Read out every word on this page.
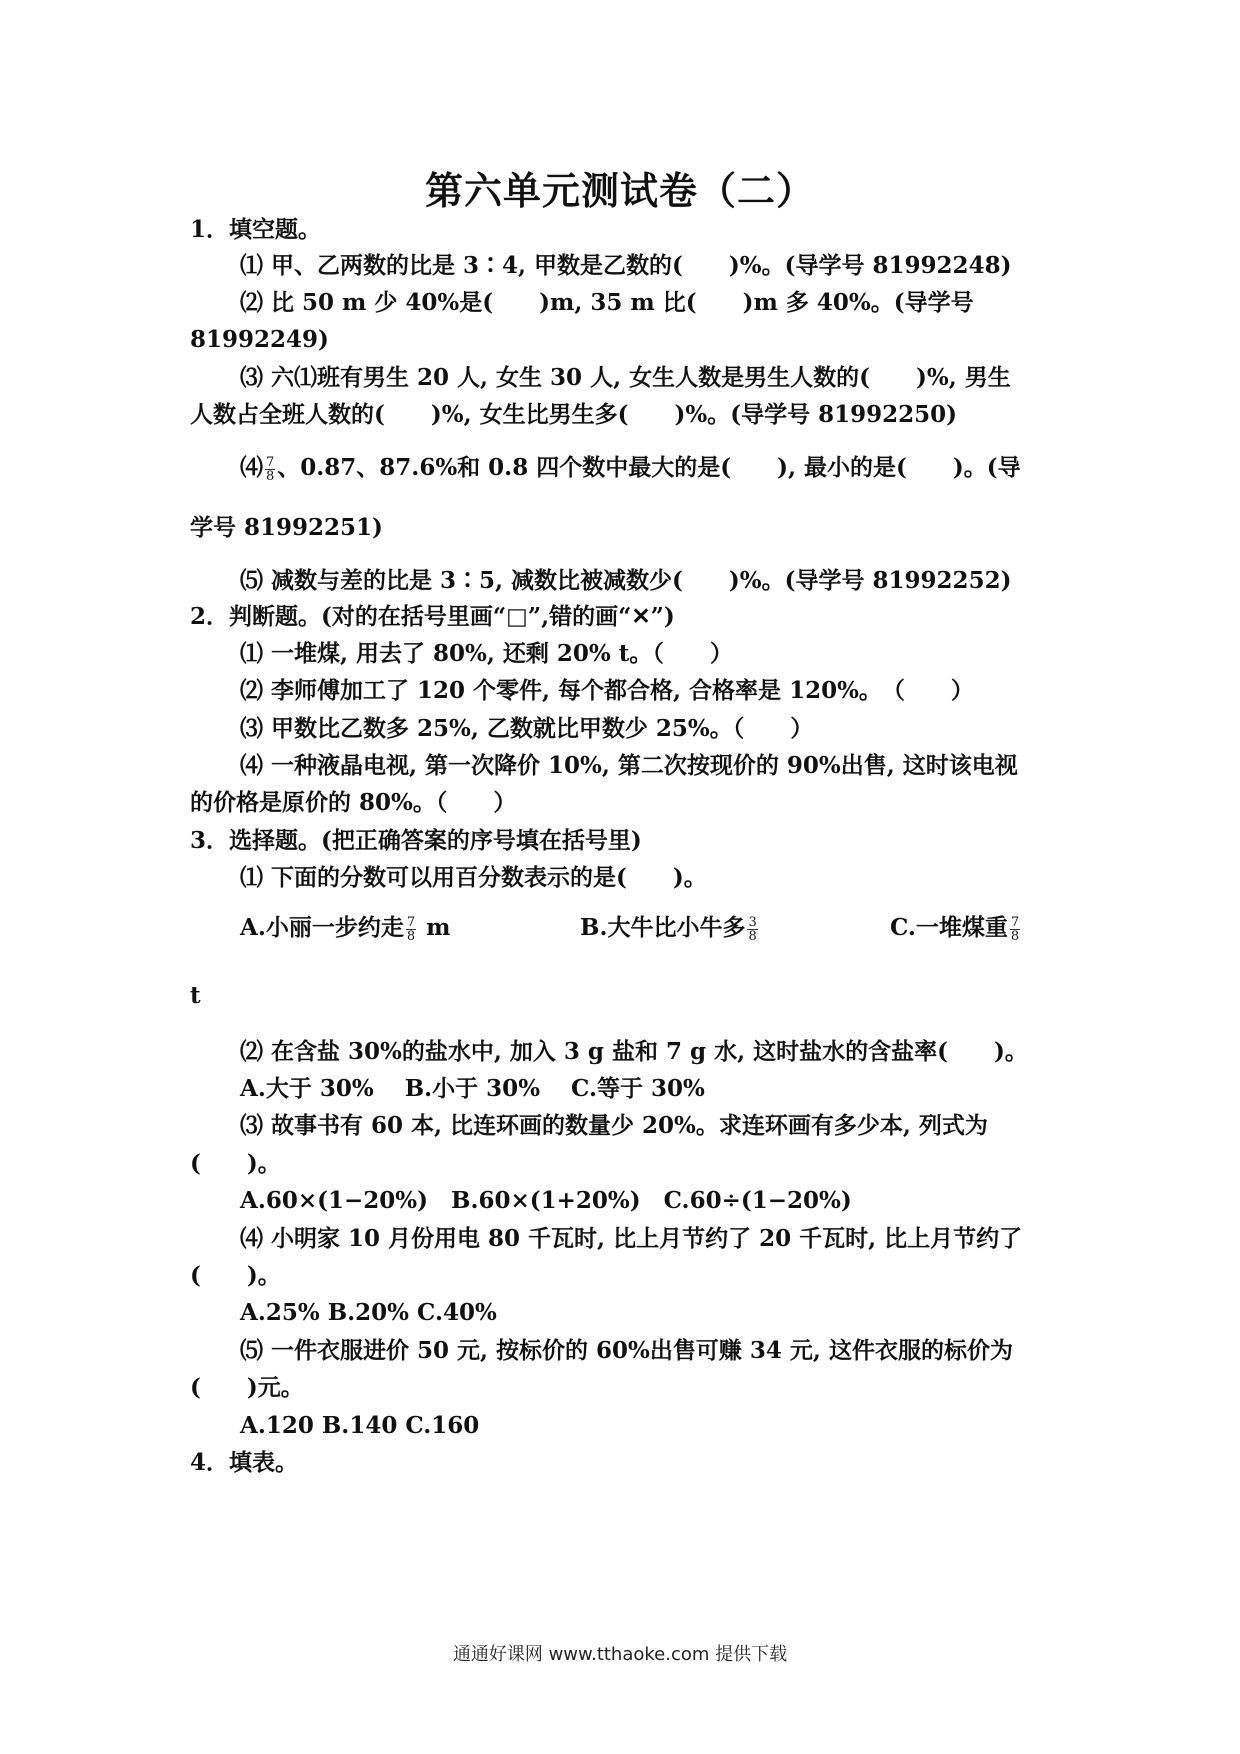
第六单元测试卷（二）
1．填空题。
⑴ 甲、乙两数的比是 3∶4, 甲数是乙数的(　　)%。(导学号 81992248)
⑵ 比 50 m 少 40%是(　　)m, 35 m 比(　　)m 多 40%。(导学号
81992249)
⑶ 六⑴班有男生 20 人, 女生 30 人, 女生人数是男生人数的(　　)%, 男生
人数占全班人数的(　　)%, 女生比男生多(　　)%。(导学号 81992250)
⑷ $\frac{7}{8}$ 、0.87、87.6%和 0.8 四个数中最大的是(　　), 最小的是(　　)。(导
学号 81992251)
⑸ 减数与差的比是 3∶5, 减数比被减数少(　　)%。(导学号 81992252)
2．判断题。(对的在括号里画“□”,错的画“✕”)
⑴ 一堆煤, 用去了 80%, 还剩 20% t。（　　）
⑵ 李师傅加工了 120 个零件, 每个都合格, 合格率是 120%。　（　　）
⑶ 甲数比乙数多 25%, 乙数就比甲数少 25%。（　　）
⑷ 一种液晶电视, 第一次降价 10%, 第二次按现价的 90%出售, 这时该电视
的价格是原价的 80%。（　　）
3．选择题。(把正确答案的序号填在括号里)
⑴ 下面的分数可以用百分数表示的是(　　)。
A.小丽一步约走 $\frac{7}{8}$ m	B.大牛比小牛多 $\frac{3}{8}$	C.一堆煤重 $\frac{7}{8}$
t
⑵ 在含盐 30%的盐水中, 加入 3 g 盐和 7 g 水, 这时盐水的含盐率(　　)。
A.大于 30%　 B.小于 30%　 C.等于 30%
⑶ 故事书有 60 本, 比连环画的数量少 20%。求连环画有多少本, 列式为
(　　)。
A.60×(1−20%)　B.60×(1+20%)　C.60÷(1−20%)
⑷ 小明家 10 月份用电 80 千瓦时, 比上月节约了 20 千瓦时, 比上月节约了
(　　)。
A.25% B.20% C.40%
⑸ 一件衣服进价 50 元, 按标价的 60%出售可赚 34 元, 这件衣服的标价为
(　　)元。
A.120 B.140 C.160
4．填表。
通通好课网 www.tthaoke.com 提供下载
